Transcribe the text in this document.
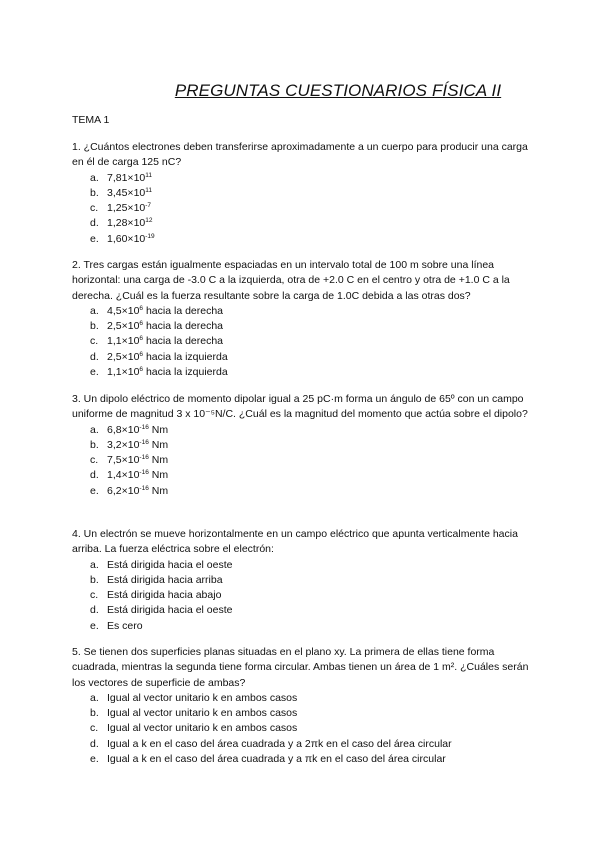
PREGUNTAS CUESTIONARIOS FÍSICA II
TEMA 1

1. ¿Cuántos electrones deben transferirse aproximadamente a un cuerpo para producir una carga en él de carga 125 nC?

a. $7,81\times 10^{11}$
b. $3,45\times 10^{11}$
c. $1,25\times 10^{-7}$
d. $1,28\times 10^{12}$
e. $1,60\times 10^{-19}$

2. Tres cargas están igualmente espaciadas en un intervalo total de 100 m sobre una línea horizontal: una carga de -3.0 C a la izquierda, otra de +2.0 C en el centro y otra de +1.0 C a la derecha. ¿Cuál es la fuerza resultante sobre la carga de 1.0C debida a las otras dos?

a. $4,5\times 10^6$ hacia la derecha
b. $2,5\times 10^6$ hacia la derecha
c. $1,1\times 10^6$ hacia la derecha
d. $2,5\times 10^6$ hacia la izquierda
e. $1,1\times 10^6$ hacia la izquierda

3. Un dipolo eléctrico de momento dipolar igual a 25 pC·m forma un ángulo de 65º con un campo uniforme de magnitud 3 x 10⁻⁵N/C. ¿Cuál es la magnitud del momento que actúa sobre el dipolo?

a. $6,8\times 10^{-16}$ Nm
b. $3,2\times 10^{-16}$ Nm
c. $7,5\times 10^{-16}$ Nm
d. $1,4\times 10^{-16}$ Nm
e. $6,2\times 10^{-16}$ Nm

4. Un electrón se mueve horizontalmente en un campo eléctrico que apunta verticalmente hacia arriba. La fuerza eléctrica sobre el electrón:

a. Está dirigida hacia el oeste
b. Está dirigida hacia arriba
c. Está dirigida hacia abajo
d. Está dirigida hacia el oeste
e. Es cero

5. Se tienen dos superficies planas situadas en el plano xy. La primera de ellas tiene forma cuadrada, mientras la segunda tiene forma circular. Ambas tienen un área de 1 m². ¿Cuáles serán los vectores de superficie de ambas?

a. Igual al vector unitario k en ambos casos
b. Igual al vector unitario k en ambos casos
c. Igual al vector unitario k en ambos casos
d. Igual a k en el caso del área cuadrada y a 2πk en el caso del área circular
e. Igual a k en el caso del área cuadrada y a πk en el caso del área circular
